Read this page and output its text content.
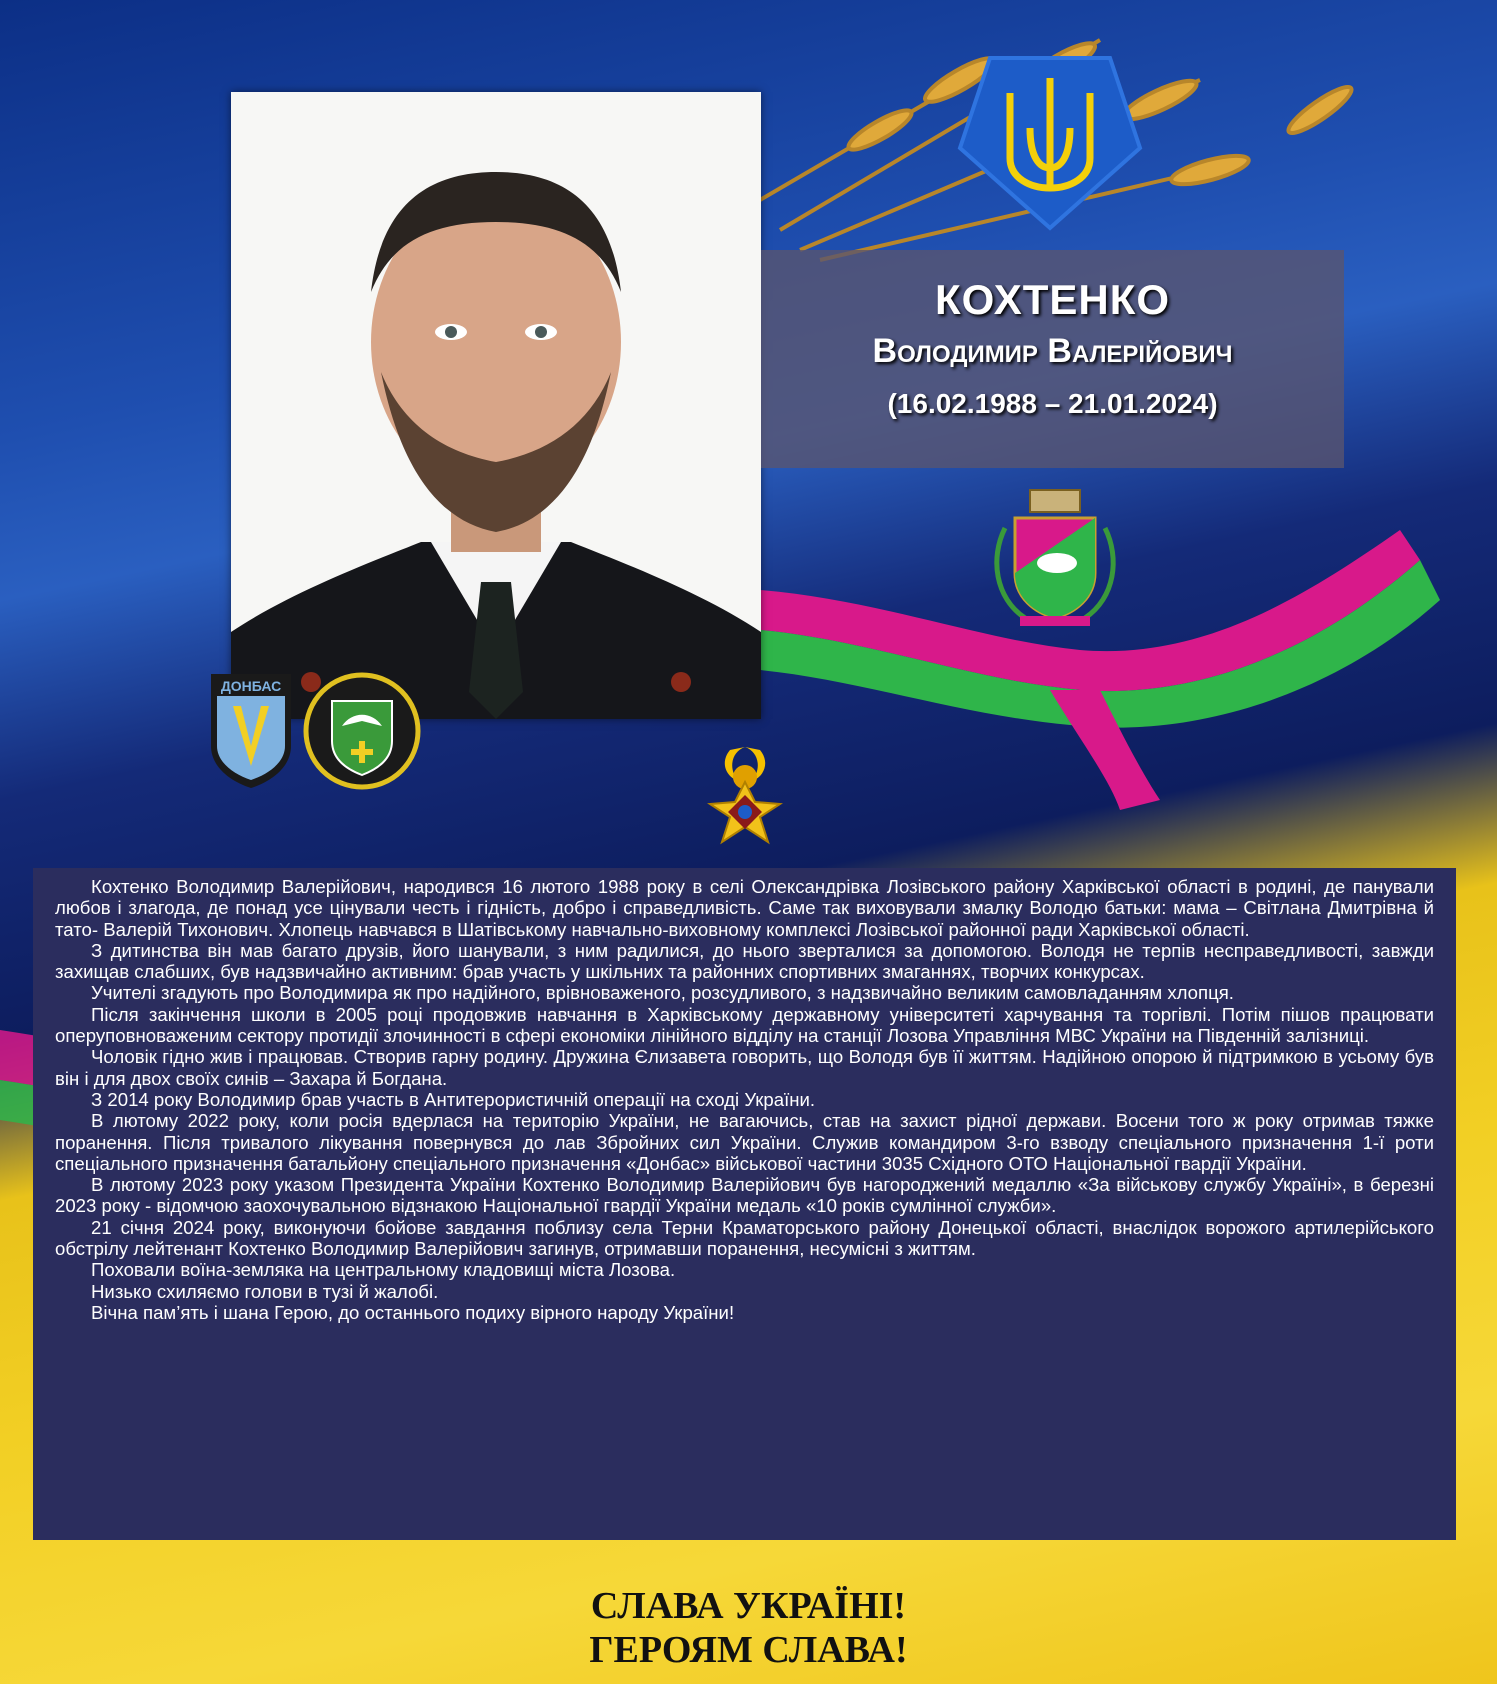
КОХТЕНКО
Володимир Валерійович
(16.02.1988 – 21.01.2024)
ДОНБАС

Кохтенко Володимир Валерійович, народився 16 лютого 1988 року в селі Олександрівка Лозівського району Харківської області в родині, де панували любов і злагода, де понад усе цінували честь і гідність, добро і справедливість. Саме так виховували змалку Володю батьки: мама – Світлана Дмитрівна й тато- Валерій Тихонович. Хлопець навчався в Шатівському навчально-виховному комплексі Лозівської районної ради Харківської області.

З дитинства він мав багато друзів, його шанували, з ним радилися, до нього зверталися за допомогою. Володя не терпів несправедливості, завжди захищав слабших, був надзвичайно активним: брав участь у шкільних та районних спортивних змаганнях, творчих конкурсах.

Учителі згадують про Володимира як про надійного, врівноваженого, розсудливого, з надзвичайно великим самовладанням хлопця.

Після закінчення школи в 2005 році продовжив навчання в Харківському державному університеті харчування та торгівлі. Потім пішов працювати оперуповноваженим сектору протидії злочинності в сфері економіки лінійного відділу на станції Лозова Управління МВС України на Південній залізниці.

Чоловік гідно жив і працював. Створив гарну родину. Дружина Єлизавета говорить, що Володя був її життям. Надійною опорою й підтримкою в усьому був він і для двох своїх синів – Захара й Богдана.

З 2014 року Володимир брав участь в Антитерористичній операції на сході України.

В лютому 2022 року, коли росія вдерлася на територію України, не вагаючись, став на захист рідної держави. Восени того ж року отримав тяжке поранення. Після тривалого лікування повернувся до лав Збройних сил України. Служив командиром 3-го взводу спеціального призначення 1-ї роти спеціального призначення батальйону спеціального призначення «Донбас» військової частини 3035 Східного ОТО Національної гвардії України.

В лютому 2023 року указом Президента України Кохтенко Володимир Валерійович був нагороджений медаллю «За військову службу Україні», в березні 2023 року - відомчою заохочувальною відзнакою Національної гвардії України медаль «10 років сумлінної служби».

21 січня 2024 року, виконуючи бойове завдання поблизу села Терни Краматорського району Донецької області, внаслідок ворожого артилерійського обстрілу лейтенант Кохтенко Володимир Валерійович загинув, отримавши поранення, несумісні з життям.

Поховали воїна-земляка на центральному кладовищі міста Лозова.

Низько схиляємо голови в тузі й жалобі.

Вічна пам’ять і шана Герою, до останнього подиху вірного народу України!

СЛАВА УКРАЇНІ!
ГЕРОЯМ СЛАВА!
